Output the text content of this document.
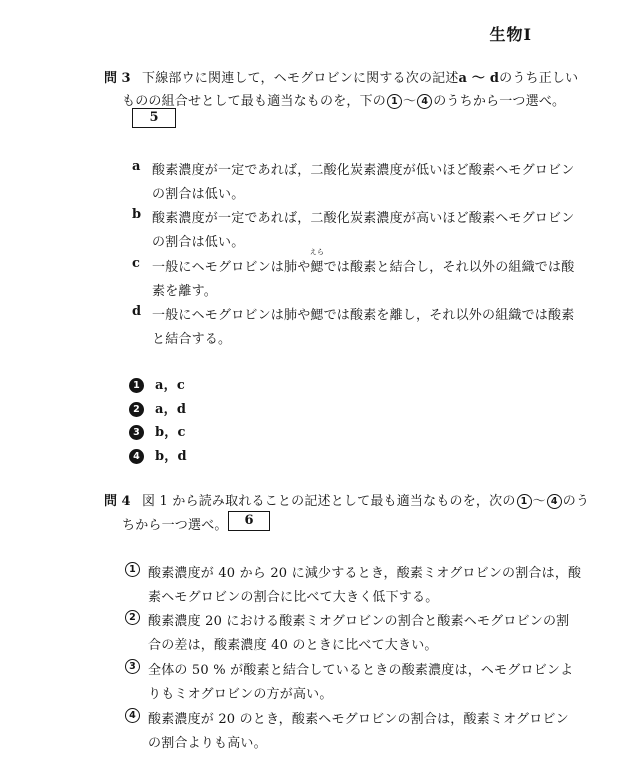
生物Ⅰ
問 3 下線部ウに関連して，ヘモグロビンに関する次の記述a ～ dのうち正しい
ものの組合せとして最も適当なものを，下の 1 ～ 4 のうちから一つ選べ。
5
a 酸素濃度が一定であれば，二酸化炭素濃度が低いほど酸素ヘモグロビン
の割合は低い。
b 酸素濃度が一定であれば，二酸化炭素濃度が高いほど酸素ヘモグロビン
の割合は低い。
c 一般にヘモグロビンは肺や
えら
鰓では酸素と結合し，それ以外の組織では酸
素を離す。
d 一般にヘモグロビンは肺や鰓では酸素を離し，それ以外の組織では酸素
と結合する。
1 a，c
2 a，d
3 b，c
4 b，d
問 4 図 1 から読み取れることの記述として最も適当なものを，次の 1 ～ 4 のう
ちから一つ選べ。	6
1 酸素濃度が 40 から 20 に減少するとき，酸素ミオグロビンの割合は，酸
素ヘモグロビンの割合に比べて大きく低下する。
2 酸素濃度 20 における酸素ミオグロビンの割合と酸素ヘモグロビンの割
合の差は，酸素濃度 40 のときに比べて大きい。
3 全体の 50 % が酸素と結合しているときの酸素濃度は，ヘモグロビンよ
りもミオグロビンの方が高い。
4 酸素濃度が 20 のとき，酸素ヘモグロビンの割合は，酸素ミオグロビン
の割合よりも高い。
